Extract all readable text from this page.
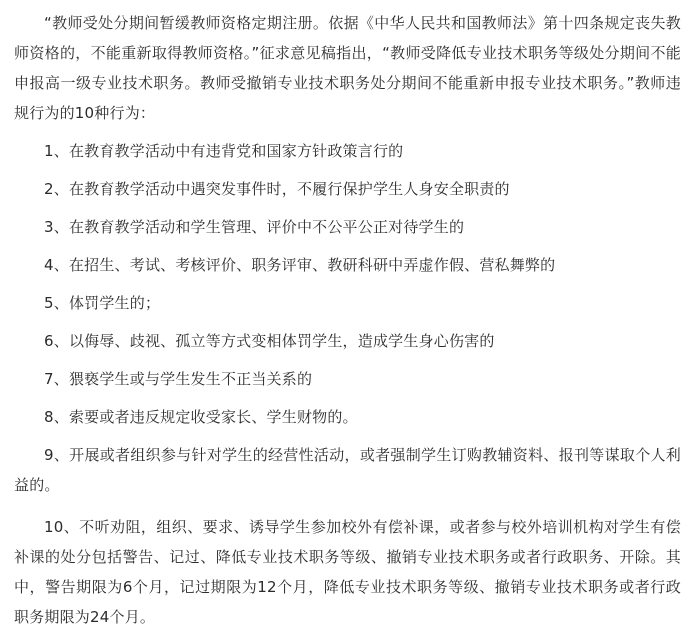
“教师受处分期间暂缓教师资格定期注册。依据《中华人民共和国教师法》第十四条规定丧失教师资格的，不能重新取得教师资格。”征求意见稿指出，“教师受降低专业技术职务等级处分期间不能申报高一级专业技术职务。教师受撤销专业技术职务处分期间不能重新申报专业技术职务。”教师违规行为的10种行为：

1、在教育教学活动中有违背党和国家方针政策言行的

2、在教育教学活动中遇突发事件时，不履行保护学生人身安全职责的

3、在教育教学活动和学生管理、评价中不公平公正对待学生的

4、在招生、考试、考核评价、职务评审、教研科研中弄虚作假、营私舞弊的

5、体罚学生的；

6、以侮辱、歧视、孤立等方式变相体罚学生，造成学生身心伤害的

7、猥亵学生或与学生发生不正当关系的

8、索要或者违反规定收受家长、学生财物的。

9、开展或者组织参与针对学生的经营性活动，或者强制学生订购教辅资料、报刊等谋取个人利益的。

10、不听劝阻，组织、要求、诱导学生参加校外有偿补课，或者参与校外培训机构对学生有偿补课的处分包括警告、记过、降低专业技术职务等级、撤销专业技术职务或者行政职务、开除。其中，警告期限为6个月，记过期限为12个月，降低专业技术职务等级、撤销专业技术职务或者行政职务期限为24个月。
